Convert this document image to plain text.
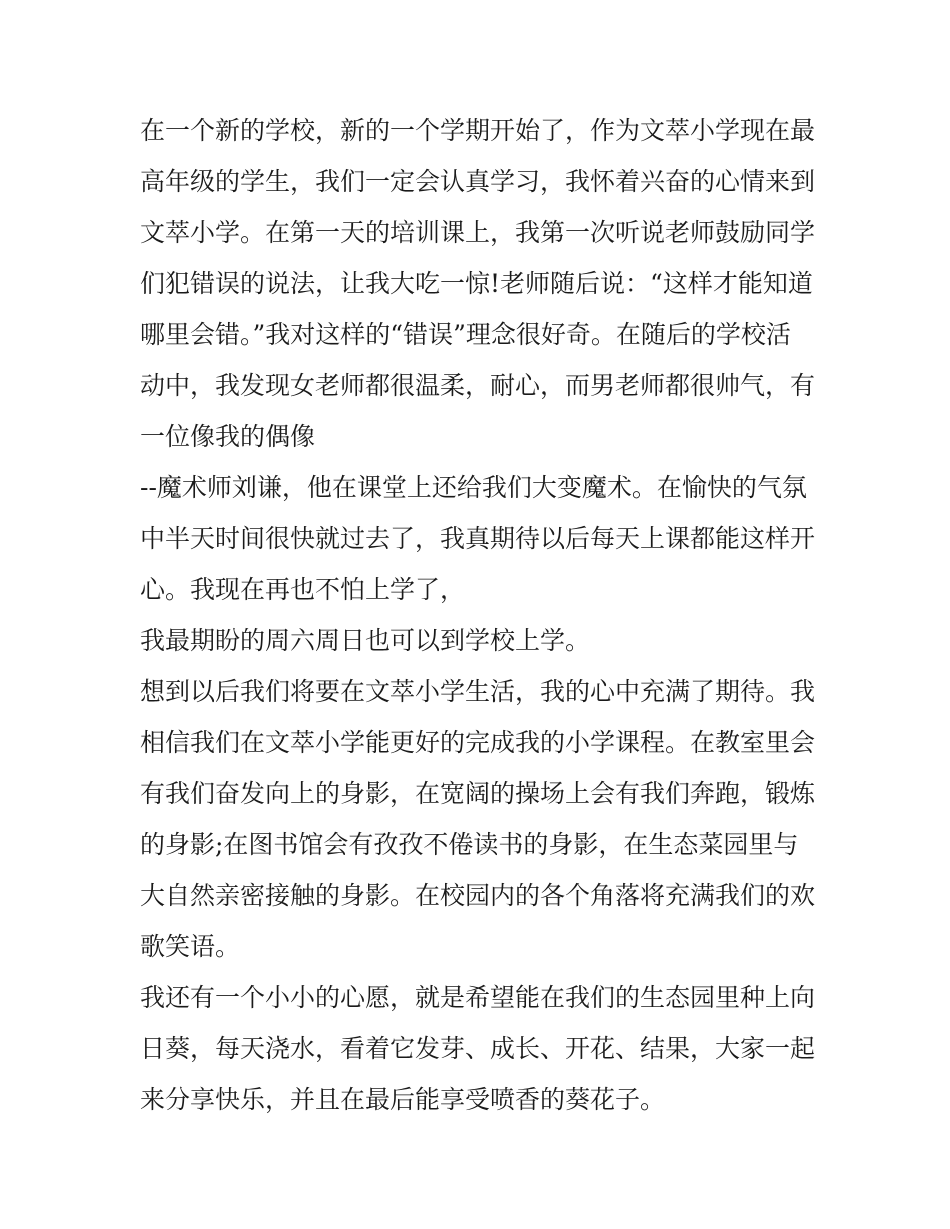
在一个新的学校，新的一个学期开始了，作为文萃小学现在最
高年级的学生，我们一定会认真学习，我怀着兴奋的心情来到
文萃小学。在第一天的培训课上，我第一次听说老师鼓励同学
们犯错误的说法，让我大吃一惊!老师随后说：“这样才能知道
哪里会错。”我对这样的“错误”理念很好奇。在随后的学校活
动中，我发现女老师都很温柔，耐心，而男老师都很帅气，有
一位像我的偶像
--魔术师刘谦，他在课堂上还给我们大变魔术。在愉快的气氛
中半天时间很快就过去了，我真期待以后每天上课都能这样开
心。我现在再也不怕上学了，
我最期盼的周六周日也可以到学校上学。
想到以后我们将要在文萃小学生活，我的心中充满了期待。我
相信我们在文萃小学能更好的完成我的小学课程。在教室里会
有我们奋发向上的身影，在宽阔的操场上会有我们奔跑，锻炼
的身影;在图书馆会有孜孜不倦读书的身影，在生态菜园里与
大自然亲密接触的身影。在校园内的各个角落将充满我们的欢
歌笑语。
我还有一个小小的心愿，就是希望能在我们的生态园里种上向
日葵，每天浇水，看着它发芽、成长、开花、结果，大家一起
来分享快乐，并且在最后能享受喷香的葵花子。
